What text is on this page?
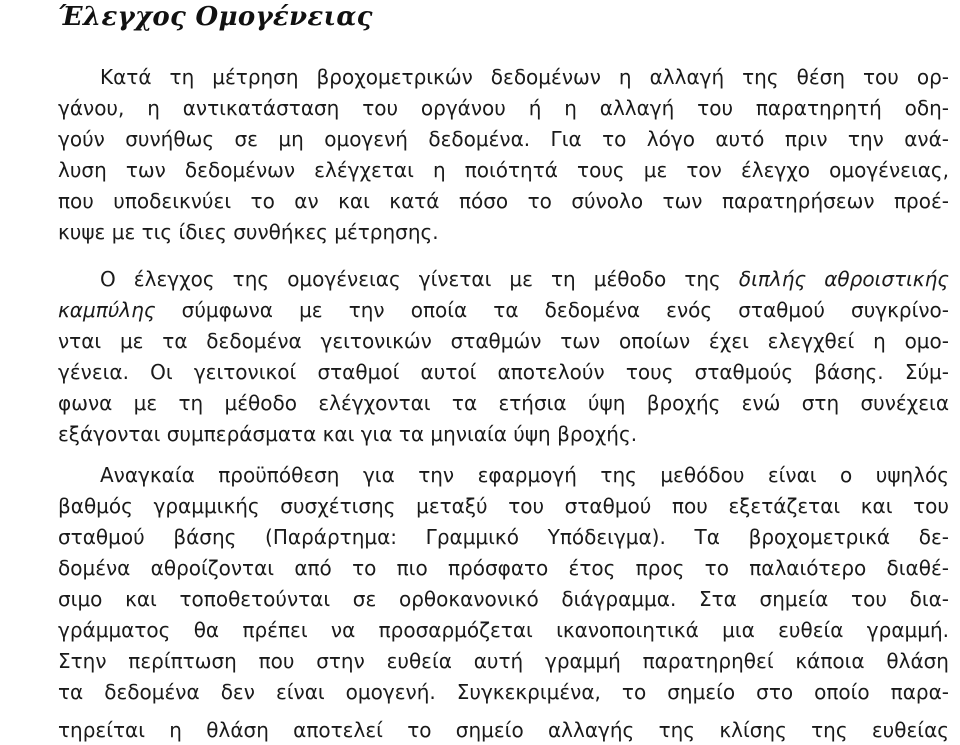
Έλεγχος Ομογένειας
Κατά τη μέτρηση βροχομετρικών δεδομένων η αλλαγή της θέση του ορ-
γάνου, η αντικατάσταση του οργάνου ή η αλλαγή του παρατηρητή οδη-
γούν συνήθως σε μη ομογενή δεδομένα. Για το λόγο αυτό πριν την ανά-
λυση των δεδομένων ελέγχεται η ποιότητά τους με τον έλεγχο ομογένειας,
που υποδεικνύει το αν και κατά πόσο το σύνολο των παρατηρήσεων προέ-
κυψε με τις ίδιες συνθήκες μέτρησης.
Ο έλεγχος της ομογένειας γίνεται με τη μέθοδο της διπλής αθροιστικής
καμπύλης σύμφωνα με την οποία τα δεδομένα ενός σταθμού συγκρίνο-
νται με τα δεδομένα γειτονικών σταθμών των οποίων έχει ελεγχθεί η ομο-
γένεια. Οι γειτονικοί σταθμοί αυτοί αποτελούν τους σταθμούς βάσης. Σύμ-
φωνα με τη μέθοδο ελέγχονται τα ετήσια ύψη βροχής ενώ στη συνέχεια
εξάγονται συμπεράσματα και για τα μηνιαία ύψη βροχής.
Αναγκαία προϋπόθεση για την εφαρμογή της μεθόδου είναι ο υψηλός
βαθμός γραμμικής συσχέτισης μεταξύ του σταθμού που εξετάζεται και του
σταθμού βάσης (Παράρτημα: Γραμμικό Υπόδειγμα). Τα βροχομετρικά δε-
δομένα αθροίζονται από το πιο πρόσφατο έτος προς το παλαιότερο διαθέ-
σιμο και τοποθετούνται σε ορθοκανονικό διάγραμμα. Στα σημεία του δια-
γράμματος θα πρέπει να προσαρμόζεται ικανοποιητικά μια ευθεία γραμμή.
Στην περίπτωση που στην ευθεία αυτή γραμμή παρατηρηθεί κάποια θλάση
τα δεδομένα δεν είναι ομογενή. Συγκεκριμένα, το σημείο στο οποίο παρα-
τηρείται η θλάση αποτελεί το σημείο αλλαγής της κλίσης της ευθείας
